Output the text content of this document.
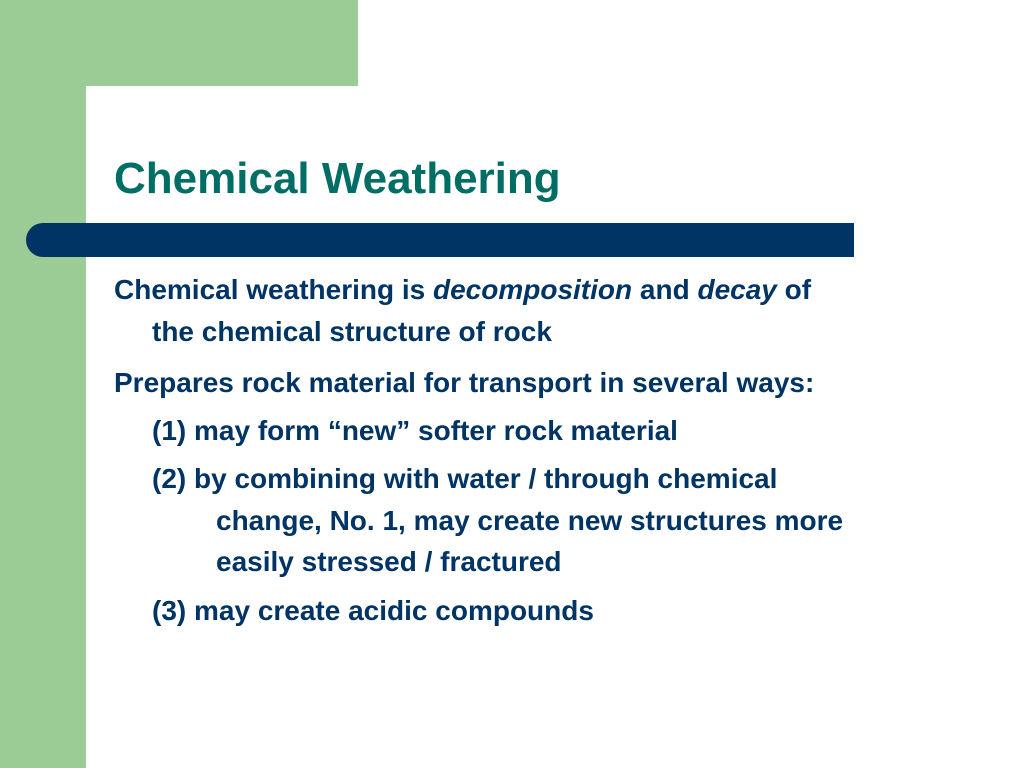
Chemical Weathering
Chemical weathering is decomposition and decay of
the chemical structure of rock
Prepares rock material for transport in several ways:
(1) may form “new” softer rock material
(2) by combining with water / through chemical
change, No. 1, may create new structures more
easily stressed / fractured
(3) may create acidic compounds
